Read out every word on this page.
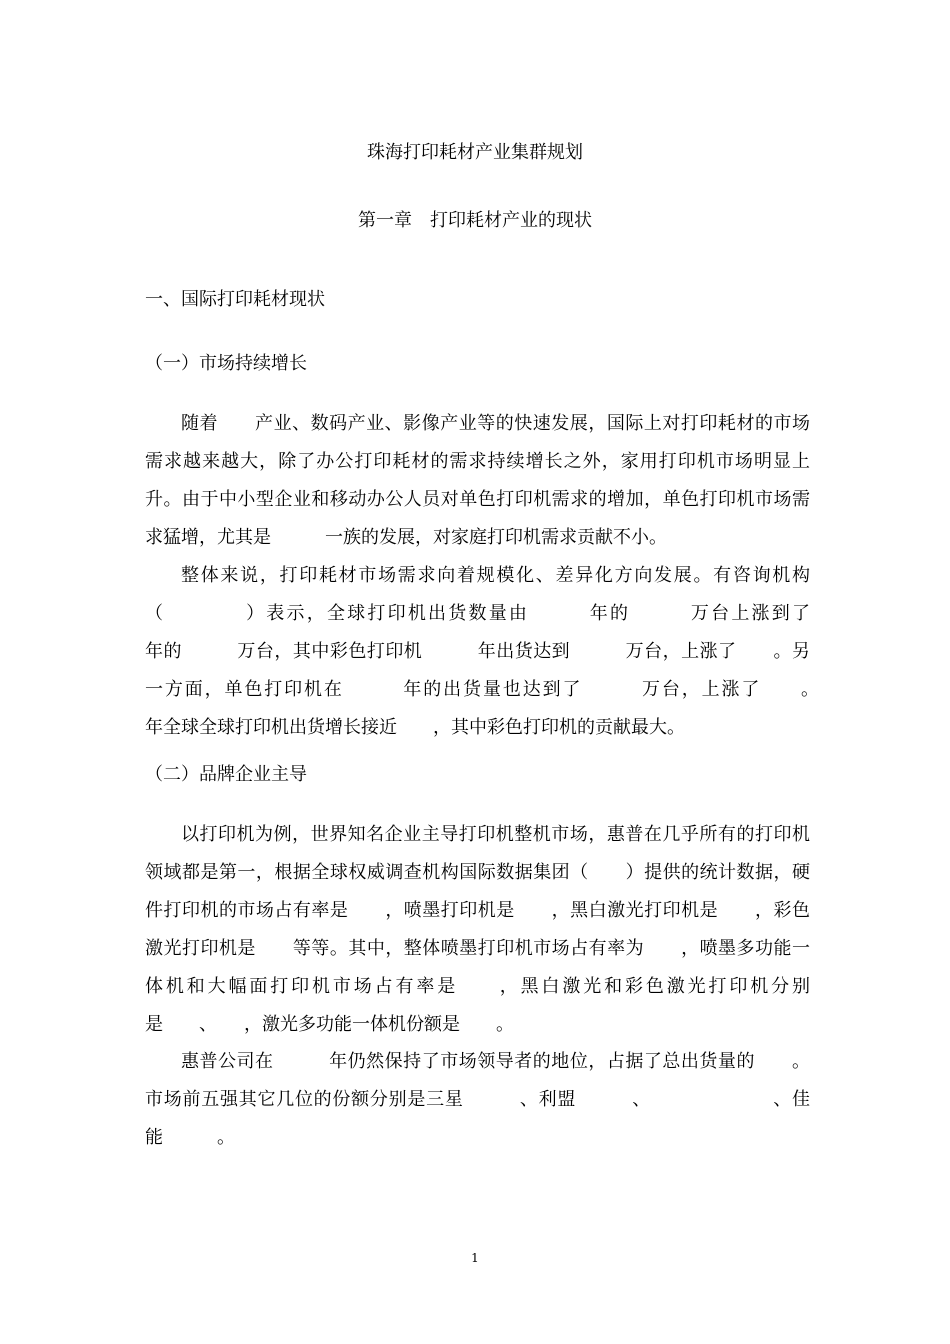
珠海打印耗材产业集群规划
第一章　打印耗材产业的现状
一、国际打印耗材现状
（一）市场持续增长

随着　　产业、数码产业、影像产业等的快速发展，国际上对打印耗材的市场需求越来越大，除了办公打印耗材的需求持续增长之外，家用打印机市场明显上升。由于中小型企业和移动办公人员对单色打印机需求的增加，单色打印机市场需求猛增，尤其是　　　一族的发展，对家庭打印机需求贡献不小。

整体来说，打印耗材市场需求向着规模化、差异化方向发展。有咨询机构（　　　　）表示，全球打印机出货数量由　　　年的　　　万台上涨到了　　　年的　　　万台，其中彩色打印机　　　年出货达到　　　万台，上涨了　　。另一方面，单色打印机在　　　年的出货量也达到了　　　万台，上涨了　　。　　　年全球全球打印机出货增长接近　　，其中彩色打印机的贡献最大。

（二）品牌企业主导

以打印机为例，世界知名企业主导打印机整机市场，惠普在几乎所有的打印机领域都是第一，根据全球权威调查机构国际数据集团（　　）提供的统计数据，硬件打印机的市场占有率是　　，喷墨打印机是　　，黑白激光打印机是　　，彩色激光打印机是　　等等。其中，整体喷墨打印机市场占有率为　　，喷墨多功能一体机和大幅面打印机市场占有率是　　，黑白激光和彩色激光打印机分别是　　、　　，激光多功能一体机份额是　　。

惠普公司在　　　年仍然保持了市场领导者的地位，占据了总出货量的　　。市场前五强其它几位的份额分别是三星　　　、利盟　　　、　　　　　　　、佳能　　　。

1
